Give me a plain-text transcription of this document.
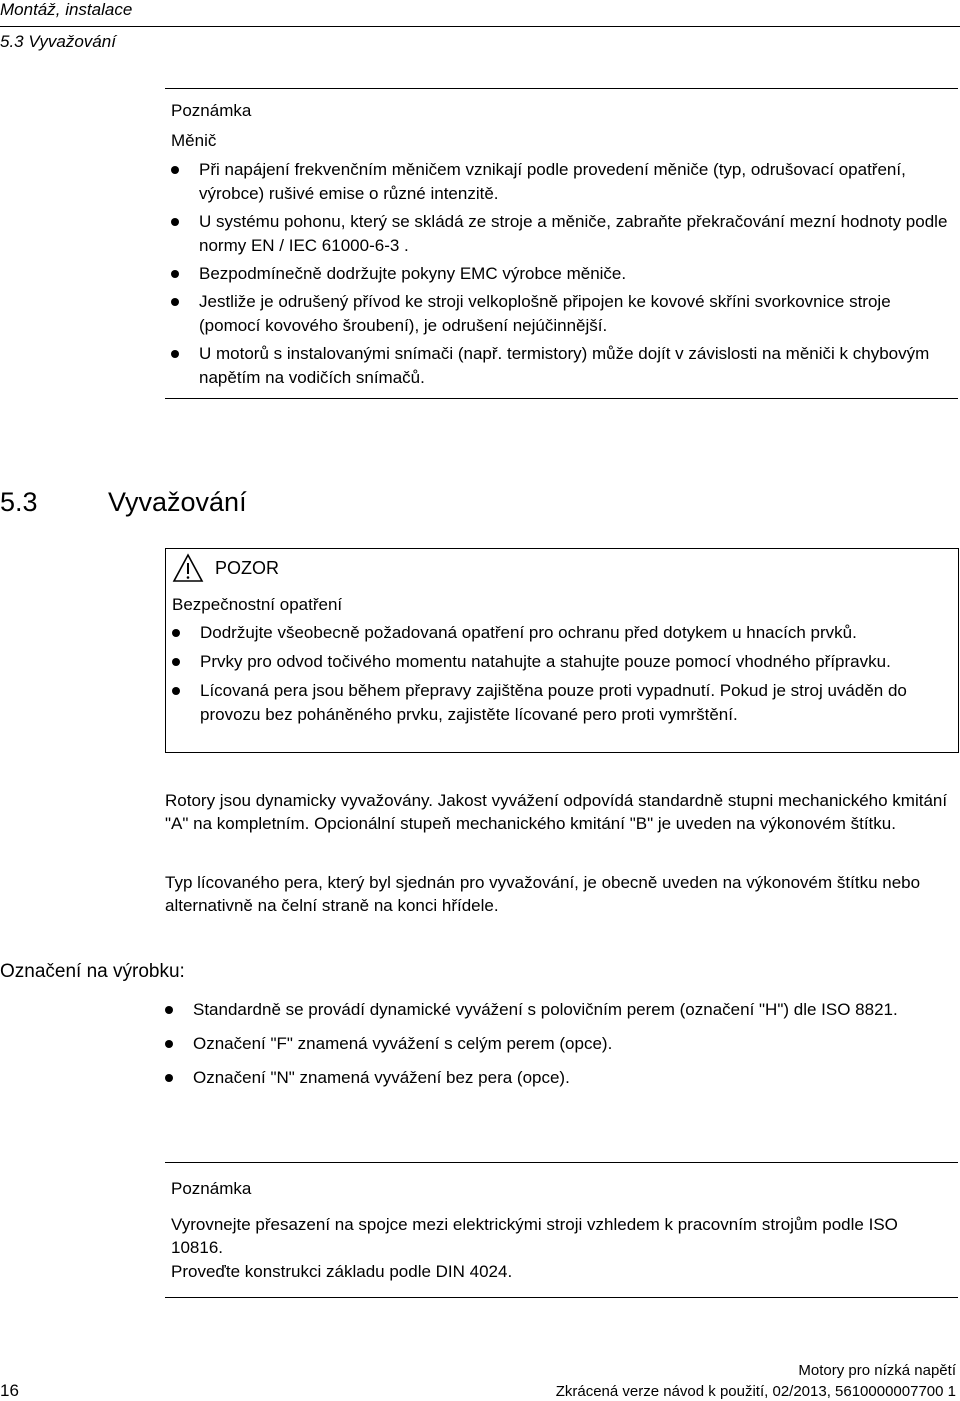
Montáž, instalace
5.3 Vyvažování
Poznámka
Měnič
Při napájení frekvenčním měničem vznikají podle provedení měniče (typ, odrušovací opatření, výrobce) rušivé emise o různé intenzitě.
U systému pohonu, který se skládá ze stroje a měniče, zabraňte překračování mezní hodnoty podle normy EN / IEC 61000-6-3 .
Bezpodmínečně dodržujte pokyny EMC výrobce měniče.
Jestliže je odrušený přívod ke stroji velkoplošně připojen ke kovové skříni svorkovnice stroje (pomocí kovového šroubení), je odrušení nejúčinnější.
U motorů s instalovanými snímači (např. termistory) může dojít v závislosti na měniči k chybovým napětím na vodičích snímačů.
5.3	Vyvažování
POZOR
Bezpečnostní opatření
Dodržujte všeobecně požadovaná opatření pro ochranu před dotykem u hnacích prvků.
Prvky pro odvod točivého momentu natahujte a stahujte pouze pomocí vhodného přípravku.
Lícovaná pera jsou během přepravy zajištěna pouze proti vypadnutí. Pokud je stroj uváděn do provozu bez poháněného prvku, zajistěte lícované pero proti vymrštění.
Rotory jsou dynamicky vyvažovány. Jakost vyvážení odpovídá standardně stupni mechanického kmitání "A" na kompletním. Opcionální stupeň mechanického kmitání "B" je uveden na výkonovém štítku.
Typ lícovaného pera, který byl sjednán pro vyvažování, je obecně uveden na výkonovém štítku nebo alternativně na čelní straně na konci hřídele.
Označení na výrobku:
Standardně se provádí dynamické vyvážení s polovičním perem (označení "H") dle ISO 8821.
Označení "F" znamená vyvážení s celým perem (opce).
Označení "N" znamená vyvážení bez pera (opce).
Poznámka
Vyrovnejte přesazení na spojce mezi elektrickými stroji vzhledem k pracovním strojům podle ISO 10816.
Proveďte konstrukci základu podle DIN 4024.
16
Motory pro nízká napětí
Zkrácená verze návod k použití, 02/2013, 5610000007700 1
